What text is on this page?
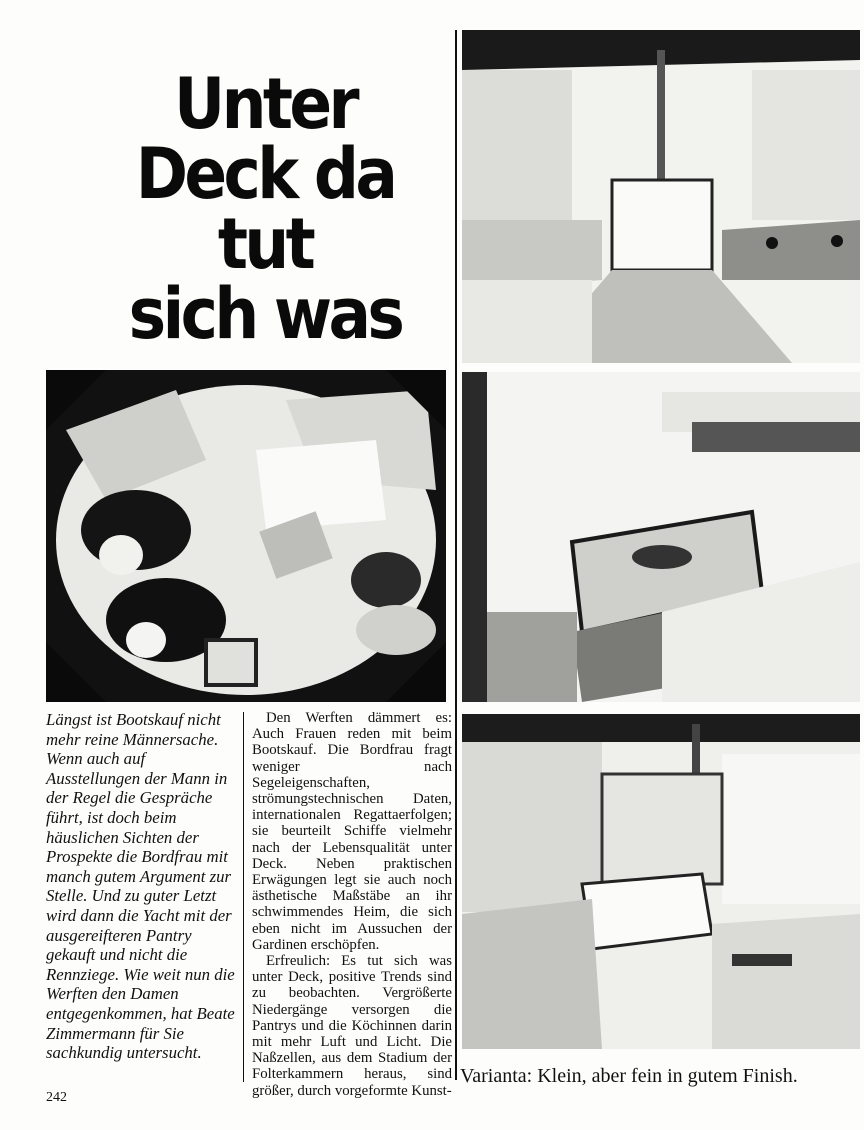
Unter
Deck da tut
sich was

Längst ist Bootskauf nicht mehr reine Männersache. Wenn auch auf Ausstellungen der Mann in der Regel die Gespräche führt, ist doch beim häuslichen Sichten der Prospekte die Bordfrau mit manch gutem Argument zur Stelle. Und zu guter Letzt wird dann die Yacht mit der ausgereifteren Pantry gekauft und nicht die Rennziege. Wie weit nun die Werften den Damen entgegenkommen, hat Beate Zimmermann für Sie sachkundig untersucht.

Den Werften dämmert es: Auch Frauen reden mit beim Bootskauf. Die Bordfrau fragt weniger nach Segeleigenschaften, strömungstechnischen Daten, internationalen Regattaerfolgen; sie beurteilt Schiffe vielmehr nach der Lebensqualität unter Deck. Neben praktischen Erwägungen legt sie auch noch ästhetische Maßstäbe an ihr schwimmendes Heim, die sich eben nicht im Aussuchen der Gardinen erschöpfen.

Erfreulich: Es tut sich was unter Deck, positive Trends sind zu beobachten. Vergrößerte Niedergänge versorgen die Pantrys und die Köchinnen darin mit mehr Luft und Licht. Die Naßzellen, aus dem Stadium der Folterkammern heraus, sind größer, durch vorgeformte Kunst-

Varianta: Klein, aber fein in gutem Finish.

242
